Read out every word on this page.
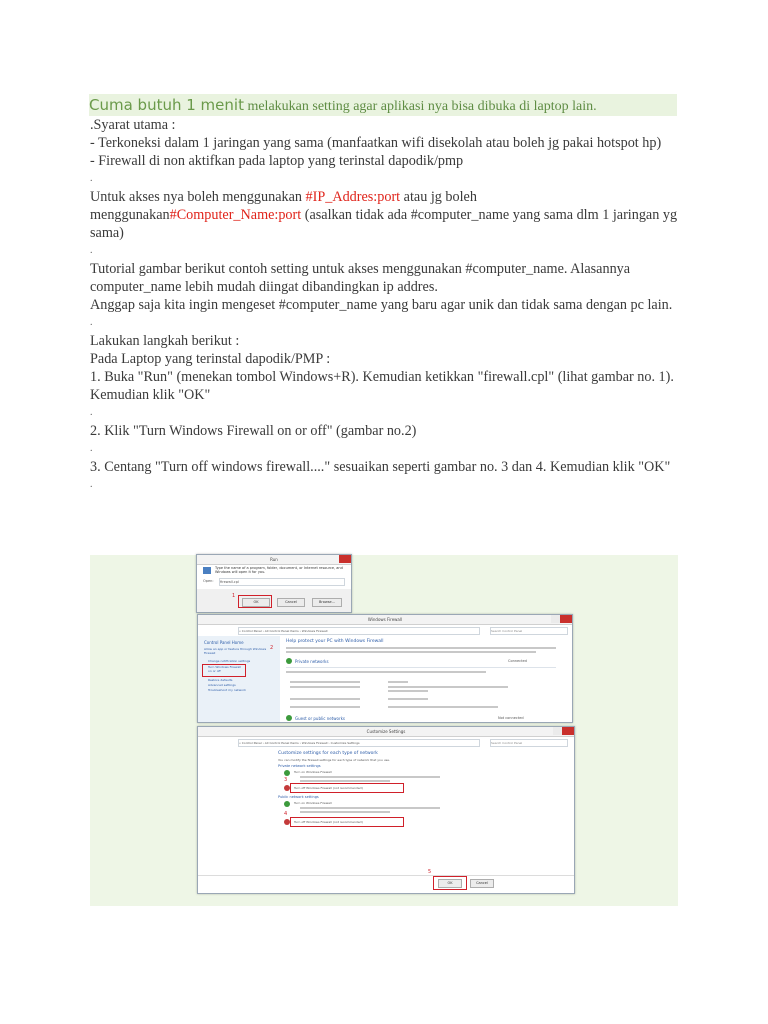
Cuma butuh 1 menit melakukan setting agar aplikasi nya bisa dibuka di laptop lain.

.Syarat utama :

- Terkoneksi dalam 1 jaringan yang sama (manfaatkan wifi disekolah atau boleh jg pakai hotspot hp)

- Firewall di non aktifkan pada laptop yang terinstal dapodik/pmp

.

Untuk akses nya boleh menggunakan #IP_Addres:port atau jg boleh menggunakan#Computer_Name:port (asalkan tidak ada #computer_name yang sama dlm 1 jaringan yg sama)

.

Tutorial gambar berikut contoh setting untuk akses menggunakan #computer_name. Alasannya computer_name lebih mudah diingat dibandingkan ip addres.

Anggap saja kita ingin mengeset #computer_name yang baru agar unik dan tidak sama dengan pc lain.

.

Lakukan langkah berikut :

Pada Laptop yang terinstal dapodik/PMP :

1. Buka "Run" (menekan tombol Windows+R). Kemudian ketikkan "firewall.cpl" (lihat gambar no. 1). Kemudian klik "OK"

.

2. Klik "Turn Windows Firewall on or off" (gambar no.2)

.

3. Centang "Turn off windows firewall...." sesuaikan seperti gambar no. 3 dan 4. Kemudian klik "OK"

.
Run
Type the name of a program, folder, document, or Internet resource, and Windows will open it for you.
Open: firewall.cpl
OK	Cancel	Browse...
1
Windows Firewall
« Control Panel › All Control Panel Items › Windows Firewall	Search Control Panel
Control Panel Home
Allow an app or feature through Windows Firewall
Change notification settings
Turn Windows Firewall on or off
Restore defaults
Advanced settings
Troubleshoot my network
2
Help protect your PC with Windows Firewall
Private networks	Connected
Guest or public networks	Not connected
Customize Settings
« Control Panel › All Control Panel Items › Windows Firewall › Customize Settings	Search Control Panel
Customize settings for each type of network
You can modify the firewall settings for each type of network that you use.
Private network settings
Turn on Windows Firewall
Turn off Windows Firewall (not recommended)
3
Public network settings
Turn on Windows Firewall
Turn off Windows Firewall (not recommended)
4
OK	Cancel
5
